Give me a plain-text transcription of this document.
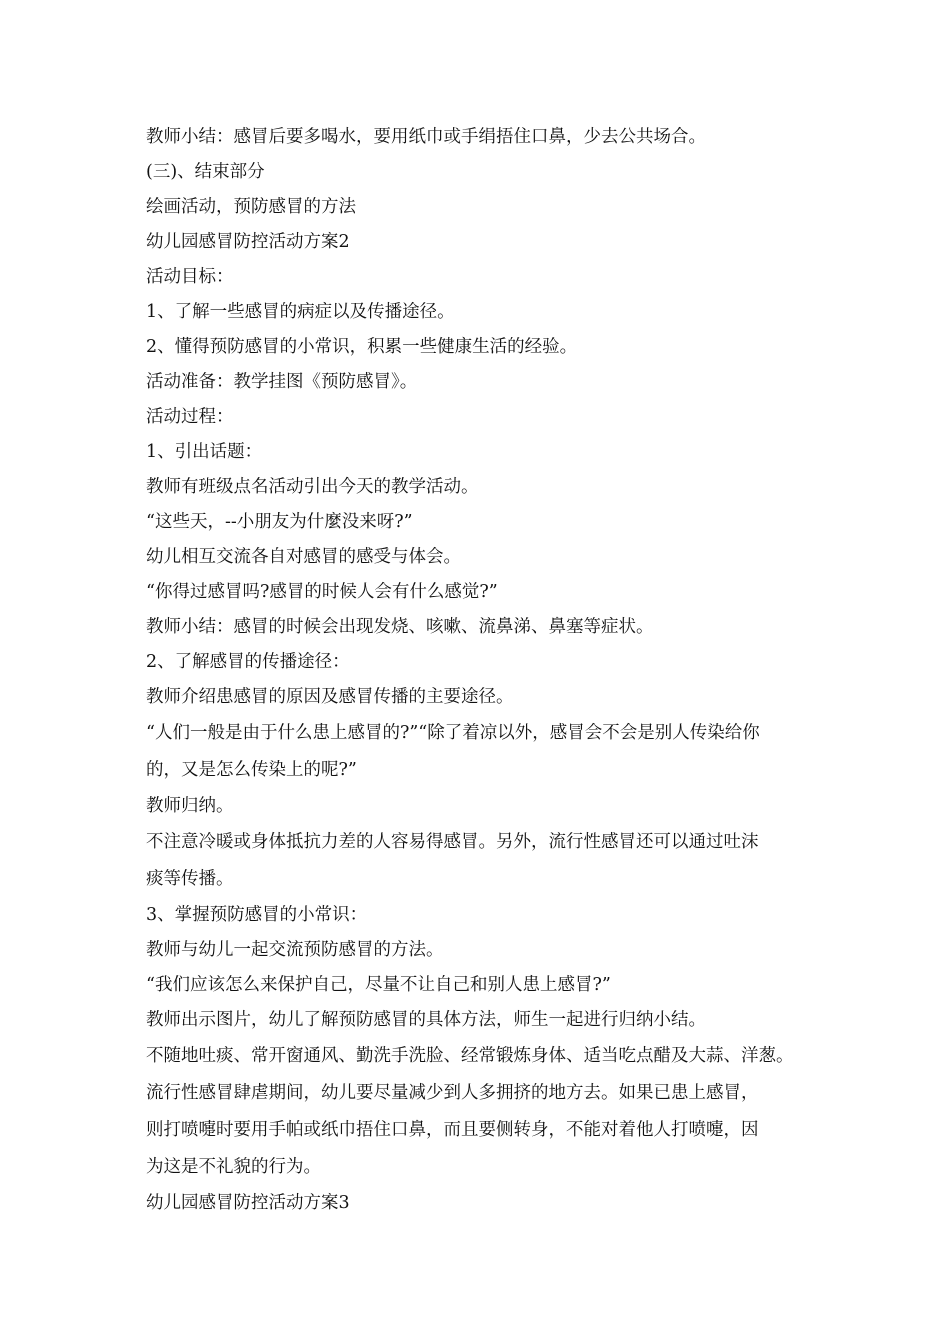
教师小结：感冒后要多喝水，要用纸巾或手绢捂住口鼻，少去公共场合。

(三)、结束部分

绘画活动，预防感冒的方法

幼儿园感冒防控活动方案2

活动目标：

1、了解一些感冒的病症以及传播途径。

2、懂得预防感冒的小常识，积累一些健康生活的经验。

活动准备：教学挂图《预防感冒》。

活动过程：

1、引出话题：

教师有班级点名活动引出今天的教学活动。

“这些天，--小朋友为什麼没来呀?”

幼儿相互交流各自对感冒的感受与体会。

“你得过感冒吗?感冒的时候人会有什么感觉?”

教师小结：感冒的时候会出现发烧、咳嗽、流鼻涕、鼻塞等症状。

2、了解感冒的传播途径：

教师介绍患感冒的原因及感冒传播的主要途径。

“人们一般是由于什么患上感冒的?”“除了着凉以外，感冒会不会是别人传染给你

的，又是怎么传染上的呢?”

教师归纳。

不注意冷暖或身体抵抗力差的人容易得感冒。另外，流行性感冒还可以通过吐沫

痰等传播。

3、掌握预防感冒的小常识：

教师与幼儿一起交流预防感冒的方法。

“我们应该怎么来保护自己，尽量不让自己和别人患上感冒?”

教师出示图片，幼儿了解预防感冒的具体方法，师生一起进行归纳小结。

不随地吐痰、常开窗通风、勤洗手洗脸、经常锻炼身体、适当吃点醋及大蒜、洋葱。

流行性感冒肆虐期间，幼儿要尽量减少到人多拥挤的地方去。如果已患上感冒，

则打喷嚏时要用手帕或纸巾捂住口鼻，而且要侧转身，不能对着他人打喷嚏，因

为这是不礼貌的行为。

幼儿园感冒防控活动方案3
